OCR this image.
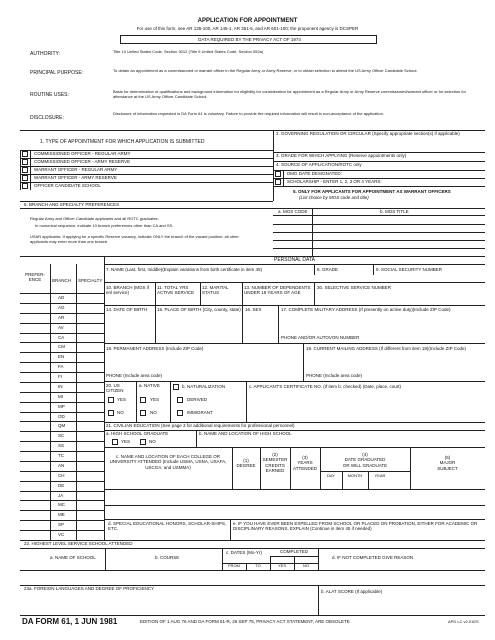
APPLICATION FOR APPOINTMENT
For use of this form, see AR 135-100, AR 145-1, AR 351-5, and AR 601-100; the proponent agency is DCSPER
DATA REQUIRED BY THE PRIVACY ACT OF 1974
AUTHORITY:	Title 10 United States Code, Section 3012 (Title 5 United States Code, Section 552a)
PRINCIPAL PURPOSE:	To obtain an appointment as a commissioned or warrant officer in the Regular Army or Army Reserve, or to obtain selection to attend the US Army Officer Candidate School.
ROUTINE USES:
Basis for determination of qualifications and background information for eligibility for consideration for appointment as a Regular Army or Army Reserve commissioned/warrant officer or for selection for attendance at the US Army Officer Candidate School.
DISCLOSURE:
Disclosure of information requested in DA Form 61 is voluntary. Failure to provide the required information will result in non-acceptance of the application.
1. TYPE OF APPOINTMENT FOR WHICH APPLICATION IS SUBMITTED
2. GOVERNING REGULATION OR CIRCULAR (Specify appropriate section(s) if applicable)
COMMISSIONED OFFICER - REGULAR ARMY
COMMISSIONED OFFICER - ARMY RESERVE
WARRANT OFFICER - REGULAR ARMY
WARRANT OFFICER - ARMY RESERVE
OFFICER CANDIDATE SCHOOL
3. GRADE FOR WHICH APPLYING (Reserve appointments only)
4. SOURCE OF APPLICATION/ROTC only
DMG DATE DESIGNATED:
SCHOLARSHIP - ENTER 1, 2, 3 OR 4 YEARS:
5. ONLY FOR APPLICANTS FOR APPOINTMENT AS WARRANT OFFICERS
(List choice by MOS code and title)
6. BRANCH AND SPECIALTY PREFERENCES
Regular Army and Officer Candidate applicants and all ROTC graduates:
In numerical sequence, indicate 10 branch preferences other than CA and SS.
USAR applicants: If applying for a specific Reserve vacancy, indicate ONLY the branch of the vacant position; all other applicants may enter more than one branch.
a. MOS CODE	b. MOS TITLE
PERSONAL DATA
PREFER- ENCE	BRANCH SPECIALTY
AD
AG
AR
AV
CA
CM
EN
FA
FI
IN
MI
MP
OD
QM
SC
SS
TC
AN
CH
DE
JA
MC
ME
SP
VC
7. NAME (Last, first, middle)(Explain variations from birth certificate in item 45)	8. GRADE	9. SOCIAL SECURITY NUMBER
10. BRANCH (MOS if enl service)
11. TOTAL YRS ACTIVE SERVICE
12. MARITAL STATUS
13. NUMBER OF DEPENDENTS UNDER 18 YEARS OF AGE
30. SELECTIVE SERVICE NUMBER
14. DATE OF BIRTH	15. PLACE OF BIRTH (City, county, state) 16. SEX	17. COMPLETE MILITARY ADDRESS (If presently on active duty)(Include ZIP Code)
PHONE AND/OR AUTOVON NUMBER
18. PERMANENT ADDRESS (Include ZIP Code)
PHONE (Include area code)
19. CURRENT MAILING ADDRESS (If different from item 18)(Include ZIP Code)
PHONE (Include area code)
20. US CITIZEN
YES
NO
a. NATIVE
YES
NO
b. NATURALIZATION
DERIVED
IMMIGRANT
c. APPLICANT'S CERTIFICATE NO. (If item b. checked) (Date, place, court)
21. CIVILIAN EDUCATION (See page 3 for additional requirements for professional personnel)
a. HIGH SCHOOL GRADUATE
YES	NO
b. NAME AND LOCATION OF HIGH SCHOOL
c. NAME AND LOCATION OF EACH COLLEGE OR UNIVERSITY ATTENDED (Include USMA, USNA, USAFA, USCGA, and USMMA)
(1)
DEGREE
(2)
SEMESTER
CREDITS
EARNED
(3)
YEARS
ATTENDED
(4)
DATE GRADUATED
OR WILL GRADUATE
DAY	MONTH	YEAR
(5)
MAJOR
SUBJECT
d. SPECIAL EDUCATIONAL HONORS, SCHOLAR-SHIPS, ETC.
e. IF YOU HAVE EVER BEEN EXPELLED FROM SCHOOL OR PLACED ON PROBATION, EITHER FOR ACADEMIC OR DISCIPLINARY REASONS, EXPLAIN (Continue in item 45 if needed)
22. HIGHEST LEVEL SERVICE SCHOOL ATTENDED
a. NAME OF SCHOOL	b. COURSE
c. DATES (Mo-Yr)	COMPLETED
FROM	TO	YES	NO
d. IF NOT COMPLETED GIVE REASON
23a. FOREIGN LANGUAGES AND DEGREE OF PROFICIENCY
b. ALAT SCORE (If applicable)
DA FORM 61, 1 JUN 1981	EDITION OF 1 AUG 76 AND DA FORM 61-R, 26 SEP 75, PRIVACY ACT STATEMENT, ARE OBSOLETE	APD LC v2.01ES
